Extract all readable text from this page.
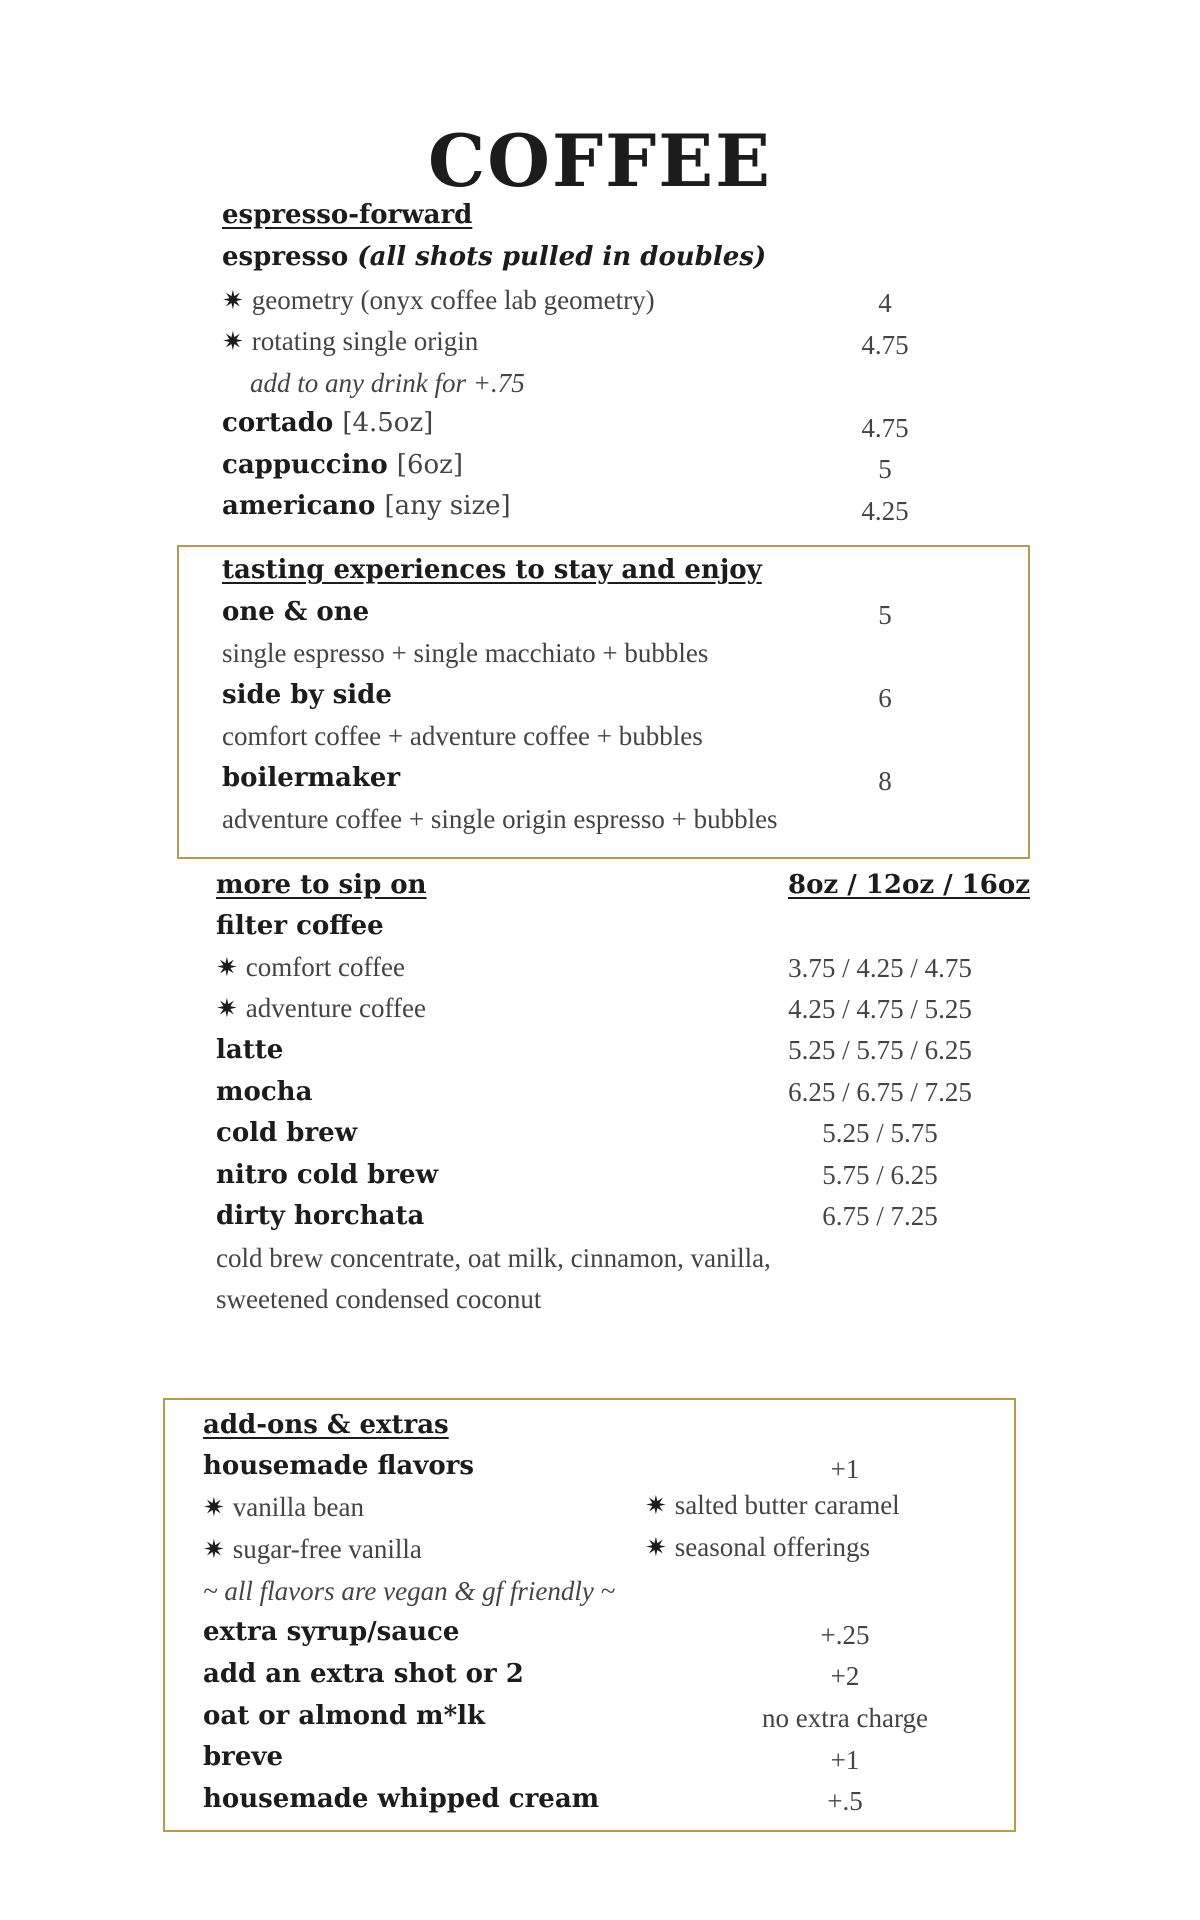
COFFEE
espresso-forward
espresso (all shots pulled in doubles)
✷ geometry (onyx coffee lab geometry)	4
✷ rotating single origin	4.75
add to any drink for +.75
cortado [4.5oz]	4.75
cappuccino [6oz]	5
americano [any size]	4.25
tasting experiences to stay and enjoy
one & one	5
single espresso + single macchiato + bubbles
side by side	6
comfort coffee + adventure coffee + bubbles
boilermaker	8
adventure coffee + single origin espresso + bubbles
more to sip on	8oz / 12oz / 16oz
filter coffee
✷ comfort coffee	3.75 / 4.25 / 4.75
✷ adventure coffee	4.25 / 4.75 / 5.25
latte	5.25 / 5.75 / 6.25
mocha	6.25 / 6.75 / 7.25
cold brew	5.25 / 5.75
nitro cold brew	5.75 / 6.25
dirty horchata	6.75 / 7.25
cold brew concentrate, oat milk, cinnamon, vanilla,
sweetened condensed coconut
add-ons & extras
housemade flavors	+1
✷ vanilla bean	✷ salted butter caramel
✷ sugar-free vanilla	✷ seasonal offerings
~ all flavors are vegan & gf friendly ~
extra syrup/sauce	+.25
add an extra shot or 2	+2
oat or almond m*lk	no extra charge
breve	+1
housemade whipped cream	+.5
